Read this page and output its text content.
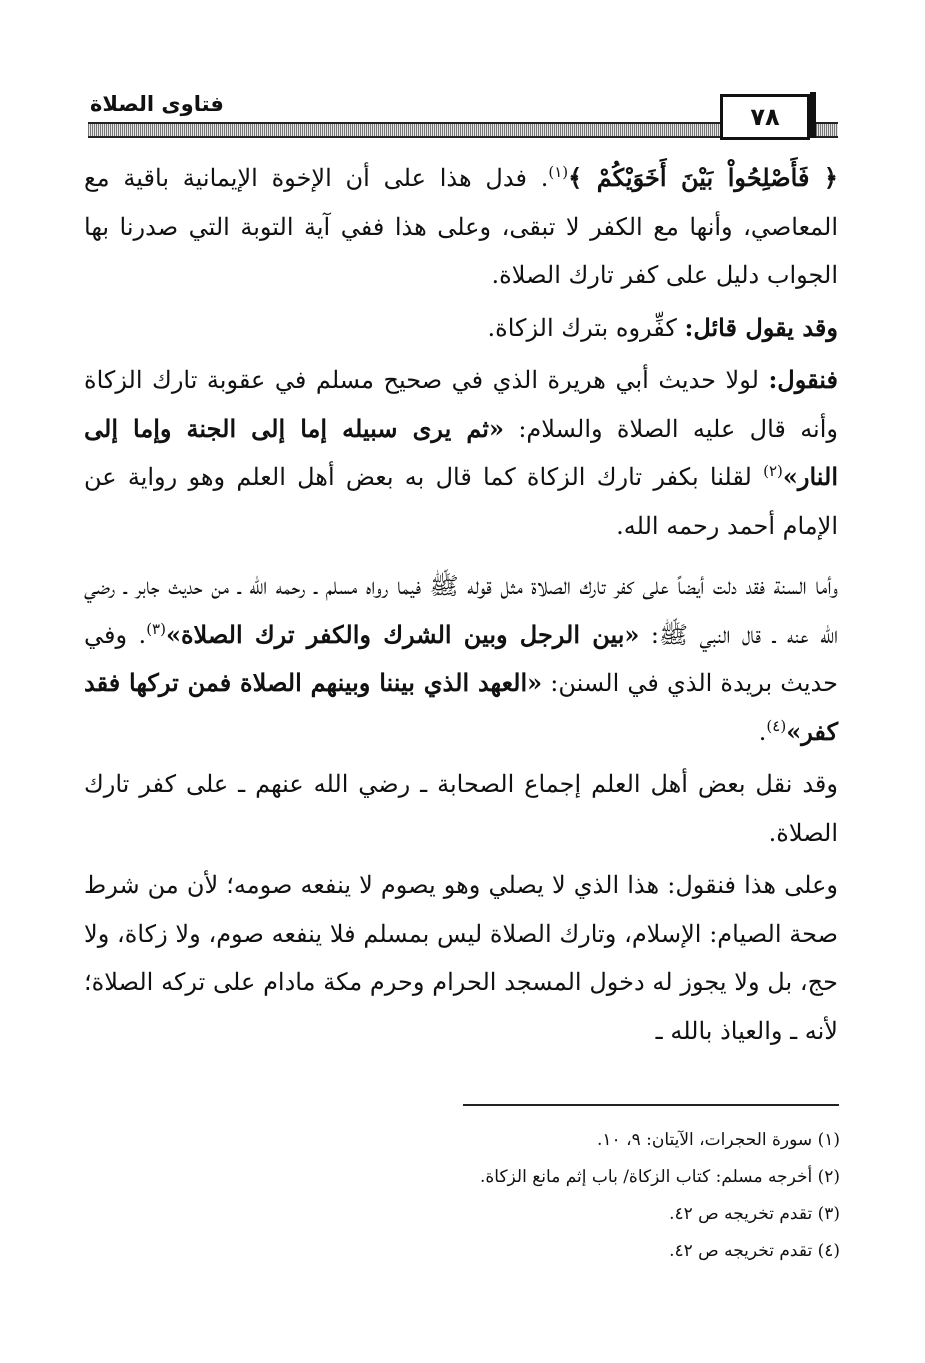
فتاوى الصلاة	٧٨

﴿ فَأَصْلِحُواْ بَيْنَ أَخَوَيْكُمْ ﴾$^{(١)}$. فدل هذا على أن الإخوة الإيمانية باقية مع المعاصي، وأنها مع الكفر لا تبقى، وعلى هذا ففي آية التوبة التي صدرنا بها الجواب دليل على كفر تارك الصلاة.

وقد يقول قائل: كفِّروه بترك الزكاة.

فنقول: لولا حديث أبي هريرة الذي في صحيح مسلم في عقوبة تارك الزكاة وأنه قال عليه الصلاة والسلام: «ثم يرى سبيله إما إلى الجنة وإما إلى النار»$^{(٢)}$ لقلنا بكفر تارك الزكاة كما قال به بعض أهل العلم وهو رواية عن الإمام أحمد رحمه الله.

وأما السنة فقد دلت أيضاً على كفر تارك الصلاة مثل قوله ﷺ فيما رواه مسلم ـ رحمه الله ـ من حديث جابر ـ رضي الله عنه ـ قال النبي ﷺ: «بين الرجل وبين الشرك والكفر ترك الصلاة»$^{(٣)}$. وفي حديث بريدة الذي في السنن: «العهد الذي بيننا وبينهم الصلاة فمن تركها فقد كفر»$^{(٤)}$.

وقد نقل بعض أهل العلم إجماع الصحابة ـ رضي الله عنهم ـ على كفر تارك الصلاة.

وعلى هذا فنقول: هذا الذي لا يصلي وهو يصوم لا ينفعه صومه؛ لأن من شرط صحة الصيام: الإسلام، وتارك الصلاة ليس بمسلم فلا ينفعه صوم، ولا زكاة، ولا حج، بل ولا يجوز له دخول المسجد الحرام وحرم مكة مادام على تركه الصلاة؛ لأنه ـ والعياذ بالله ـ

(١) سورة الحجرات، الآيتان: ٩، ١٠.

(٢) أخرجه مسلم: كتاب الزكاة/ باب إثم مانع الزكاة.

(٣) تقدم تخريجه ص ٤٢.

(٤) تقدم تخريجه ص ٤٢.
